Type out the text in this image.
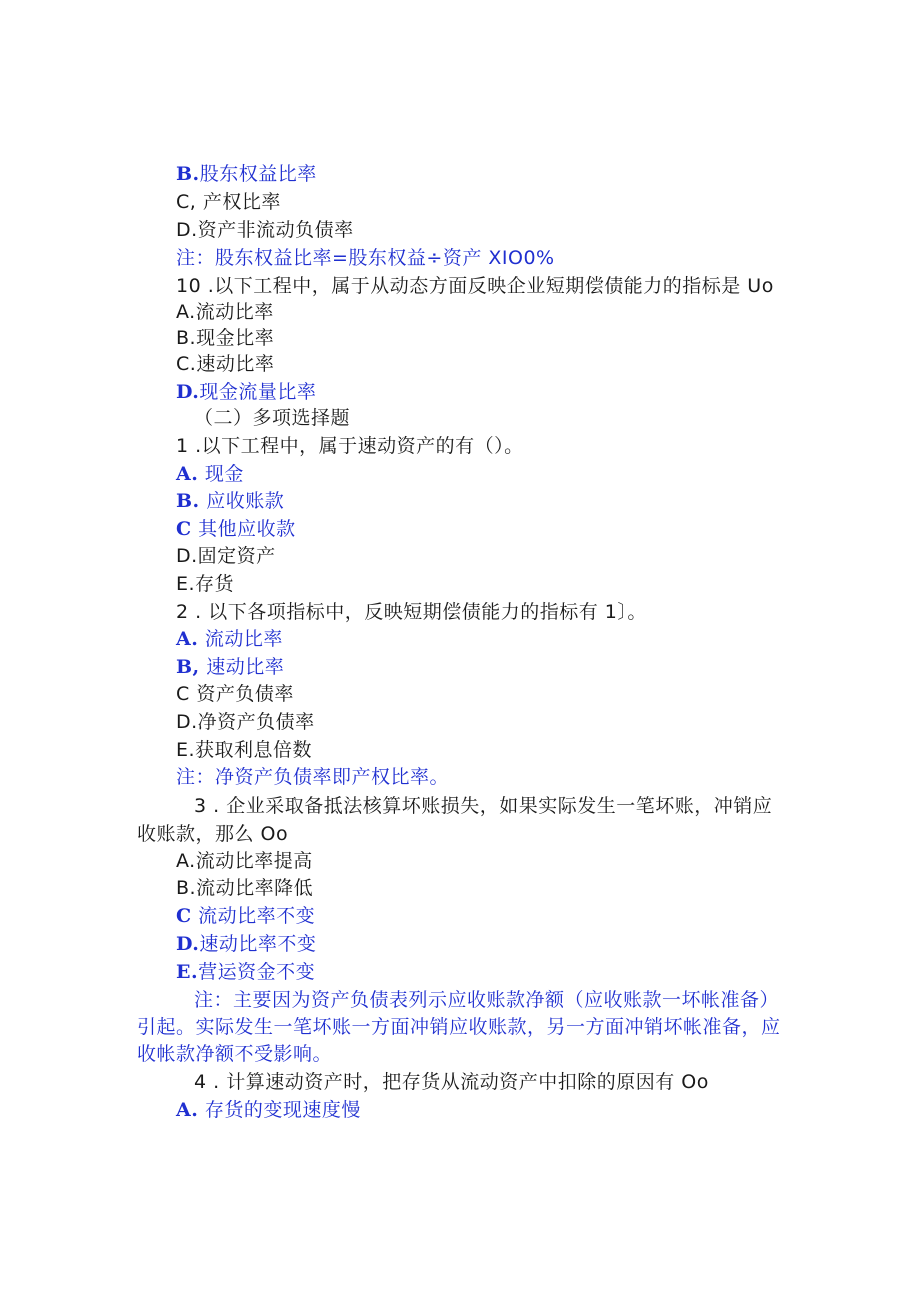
B.股东权益比率
C, 产权比率
D.资产非流动负债率
注：股东权益比率=股东权益÷资产 XIO0%
10 .以下工程中，属于从动态方面反映企业短期偿债能力的指标是 Uo
A.流动比率
B.现金比率
C.速动比率
D.现金流量比率
（二）多项选择题
1 .以下工程中，属于速动资产的有（）。
A. 现金
B. 应收账款
C 其他应收款
D.固定资产
E.存货
2 . 以下各项指标中，反映短期偿债能力的指标有 1〕。
A. 流动比率
B, 速动比率
C 资产负债率
D.净资产负债率
E.获取利息倍数
注：净资产负债率即产权比率。
3 . 企业采取备抵法核算坏账损失，如果实际发生一笔坏账，冲销应
收账款，那么 Oo
A.流动比率提高
B.流动比率降低
C 流动比率不变
D.速动比率不变
E.营运资金不变
注：主要因为资产负债表列示应收账款净额（应收账款一坏帐准备）
引起。实际发生一笔坏账一方面冲销应收账款，另一方面冲销坏帐准备，应
收帐款净额不受影响。
4 . 计算速动资产时，把存货从流动资产中扣除的原因有 Oo
A. 存货的变现速度慢
